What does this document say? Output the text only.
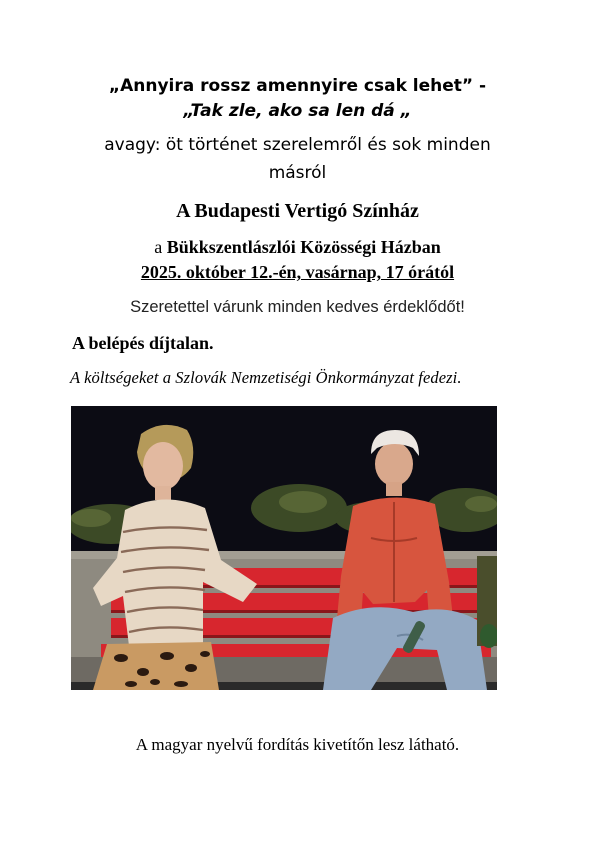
„Annyira rossz amennyire csak lehet” -
„Tak zle, ako sa len dá „
avagy: öt történet szerelemről és sok minden
másról
A Budapesti Vertigó Színház
a Bükkszentlászlói Közösségi Házban
2025. október 12.-én, vasárnap, 17 órától
Szeretettel várunk minden kedves érdeklődőt!
A belépés díjtalan.
A költségeket a Szlovák Nemzetiségi Önkormányzat fedezi.
A magyar nyelvű fordítás kivetítőn lesz látható.
